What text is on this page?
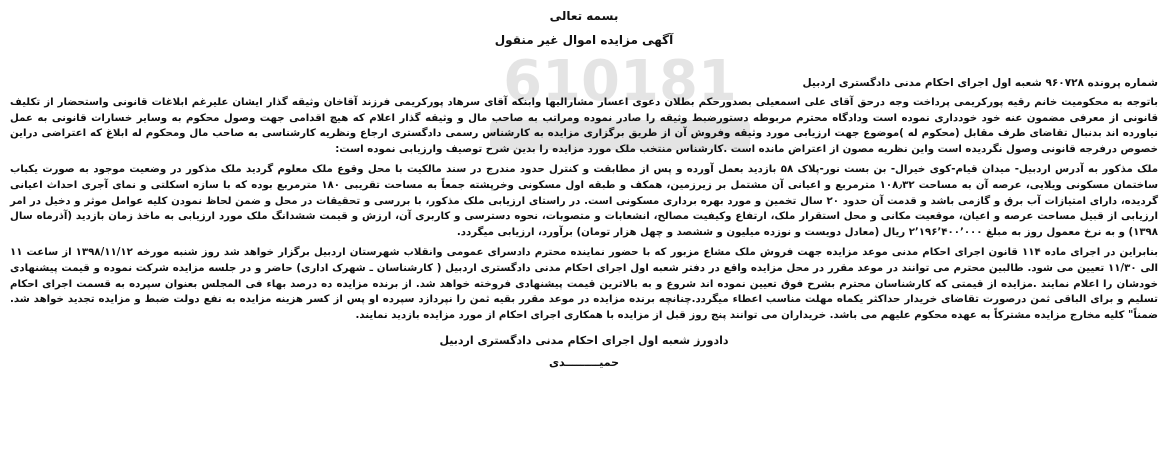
610181
بسمه تعالی
آگهی مزایده اموال غیر منقول
شماره پرونده ۹۶۰۷۲۸ شعبه اول اجرای احکام مدنی دادگستری اردبیل

باتوجه به محکومیت خانم رقیه پورکریمی پرداخت وجه درحق آقای علی اسمعیلی بصدورحکم بطلان دعوی اعسار مشارالیها وابنکه آقای سرهاد پورکریمی فرزند آقاخان وثیقه گذار ایشان علیرغم ابلاغات قانونی واستحضار از تکلیف قانونی از معرفی مضمون عنه خود خودداری نموده است ودادگاه محترم مربوطه دستورضبط وثیقه را صادر نموده ومراتب به صاحب مال و وثیقه گذار اعلام که هیچ اقدامی جهت وصول محکوم به وسایر خسارات قانونی به عمل نیاورده اند بدنبال تقاضای طرف مقابل (محکوم له )موضوع جهت ارزیابی مورد وثیقه وفروش آن از طریق برگزاری مزایده به کارشناس رسمی دادگستری ارجاع ونظریه کارشناسی به صاحب مال ومحکوم له ابلاغ که اعتراضی دراین خصوص درفرجه قانونی وصول نگردیده است واین نظریه مصون از اعتراض مانده است .کارشناس منتخب ملک مورد مزایده را بدین شرح توصیف وارزیابی نموده است:

ملک مذکور به آدرس اردبیل- میدان قیام-کوی خیرال- بن بست نور-پلاک ۵۸ بازدید بعمل آورده و پس از مطابقت و کنترل حدود مندرج در سند مالکیت با محل وقوع ملک معلوم گردید ملک مذکور در وضعیت موجود به صورت یکباب ساختمان مسکونی ویلایی، عرصه آن به مساحت ۱۰۸٫۳۲ مترمربع و اعیانی آن مشتمل بر زیرزمین، همکف و طبقه اول مسکونی وخرپشته جمعاً به مساحت تقریبی ۱۸۰ مترمربع بوده که با سازه اسکلتی و نمای آجری احداث اعیانی گردیده، دارای امتیازات آب برق و گازمی باشد و قدمت آن حدود ۲۰ سال تخمین و مورد بهره برداری مسکونی است. در راستای ارزیابی ملک مذکور، با بررسی و تحقیقات در محل و ضمن لحاظ نمودن کلیه عوامل موثر و دخیل در امر ارزیابی از قبیل مساحت عرصه و اعیان، موقعیت مکانی و محل استقرار ملک، ارتفاع وکیفیت مصالح، انشعابات و متصوبات، نحوه دسترسی و کاربری آن، ارزش و قیمت ششدانگ ملک مورد ارزیابی به ماخذ زمان بازدید (آذرماه سال ۱۳۹۸) و به نرخ معمول روز به مبلغ ۲٬۱۹۶٬۴۰۰٬۰۰۰ ریال (معادل دویست و نوزده میلیون و ششصد و چهل هزار تومان) برآورد، ارزیابی میگردد.

بنابراین در اجرای ماده ۱۱۴ قانون اجرای احکام مدنی موعد مزایده جهت فروش ملک مشاع مزبور که با حضور نماینده محترم دادسرای عمومی وانقلاب شهرستان اردبیل برگزار خواهد شد روز شنبه مورخه ۱۳۹۸/۱۱/۱۲ از ساعت ۱۱ الی ۱۱/۳۰ تعیین می شود. طالبین محترم می توانند در موعد مقرر در محل مزایده واقع در دفتر شعبه اول اجرای احکام مدنی دادگستری اردبیل ( کارشناسان ـ شهرک اداری) حاضر و در جلسه مزایده شرکت نموده و قیمت پیشنهادی خودشان را اعلام نمایند .مزایده از قیمتی که کارشناسان محترم بشرح فوق تعیین نموده اند شروع و به بالاترین قیمت پیشنهادی فروخته خواهد شد. از برنده مزایده ده درصد بهاء فی المجلس بعنوان سپرده به قسمت اجرای احکام تسلیم و برای الباقی ثمن درصورت تقاضای خریدار حداکثر یکماه مهلت مناسب اعطاء میگردد.چنانچه برنده مزایده در موعد مقرر بقیه ثمن را نپردازد سپرده او پس از کسر هزینه مزایده به نفع دولت ضبط و مزایده تجدید خواهد شد. ضمناً" کلیه مخارج مزایده مشترکاً به عهده محکوم علیهم می باشد. خریداران می توانند پنج روز قبل از مزایده با همکاری اجرای احکام از مورد مزایده بازدید نمایند.

دادورز شعبه اول اجرای احکام مدنی دادگستری اردبیل
حمی‍ـــــــــدی
